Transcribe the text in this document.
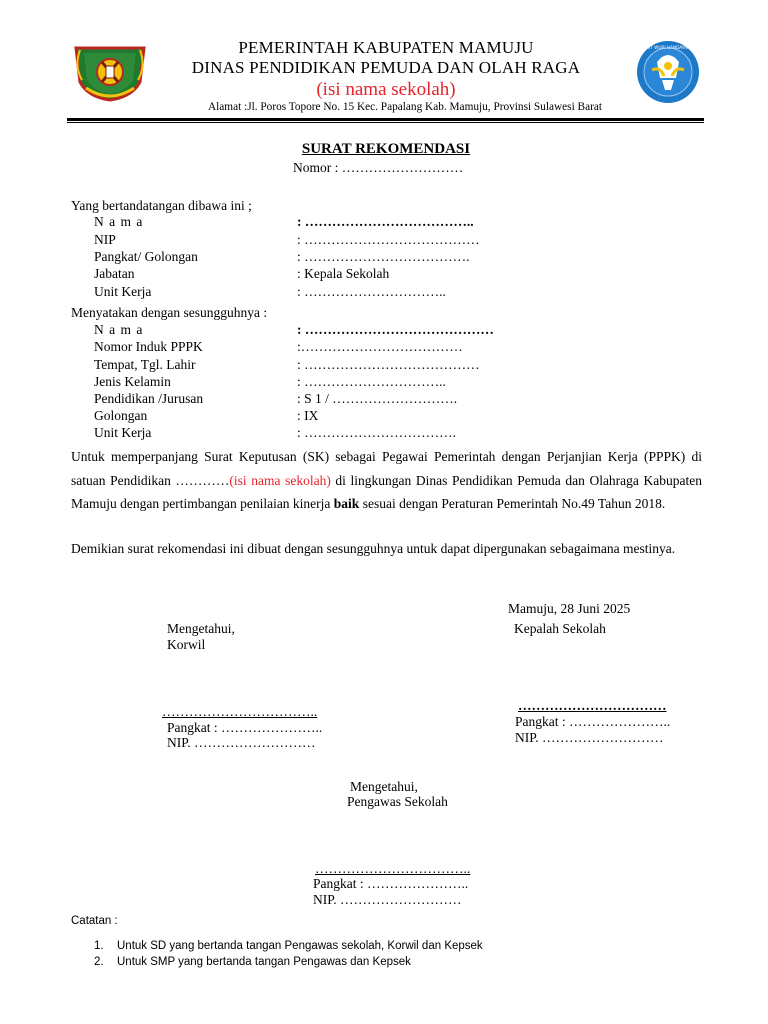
PEMERINTAH KABUPATEN MAMUJU
DINAS PENDIDIKAN PEMUDA DAN OLAH RAGA
(isi nama sekolah)
Alamat :Jl. Poros Topore No. 15 Kec. Papalang Kab. Mamuju, Provinsi Sulawesi Barat
TUT WURI HANDAYANI
SURAT REKOMENDASI
Nomor : ………………………
Yang bertandatangan dibawa ini ;
N a m a	: ………………………………..
NIP	: …………………………………
Pangkat/ Golongan	: ……………………………….
Jabatan	: Kepala Sekolah
Unit Kerja	: …………………………..
Menyatakan dengan sesungguhnya :
N a m a	: ……………………………………
Nomor Induk PPPK	:………………………………
Tempat, Tgl. Lahir	: …………………………………
Jenis Kelamin	: …………………………..
Pendidikan /Jurusan	: S 1 / ……………………….
Golongan	: IX
Unit Kerja	: …………………………….
Untuk memperpanjang Surat Keputusan (SK) sebagai Pegawai Pemerintah dengan Perjanjian Kerja (PPPK) di satuan Pendidikan …………(isi nama sekolah) di lingkungan Dinas Pendidikan Pemuda dan Olahraga Kabupaten Mamuju dengan pertimbangan penilaian kinerja baik sesuai dengan Peraturan Pemerintah No.49 Tahun 2018.
Demikian surat rekomendasi ini dibuat dengan sesungguhnya untuk dapat dipergunakan sebagaimana mestinya.
Mamuju, 28 Juni 2025
Mengetahui,
Korwil
……………………………..
Pangkat : …………………..
NIP. ………………………
Kepalah Sekolah
……………………………
Pangkat : …………………..
NIP. ………………………
Mengetahui,
Pengawas Sekolah
……………………………..
Pangkat : …………………..
NIP. ………………………
Catatan :
1. Untuk SD yang bertanda tangan Pengawas sekolah, Korwil dan Kepsek
2. Untuk SMP yang bertanda tangan Pengawas dan Kepsek
